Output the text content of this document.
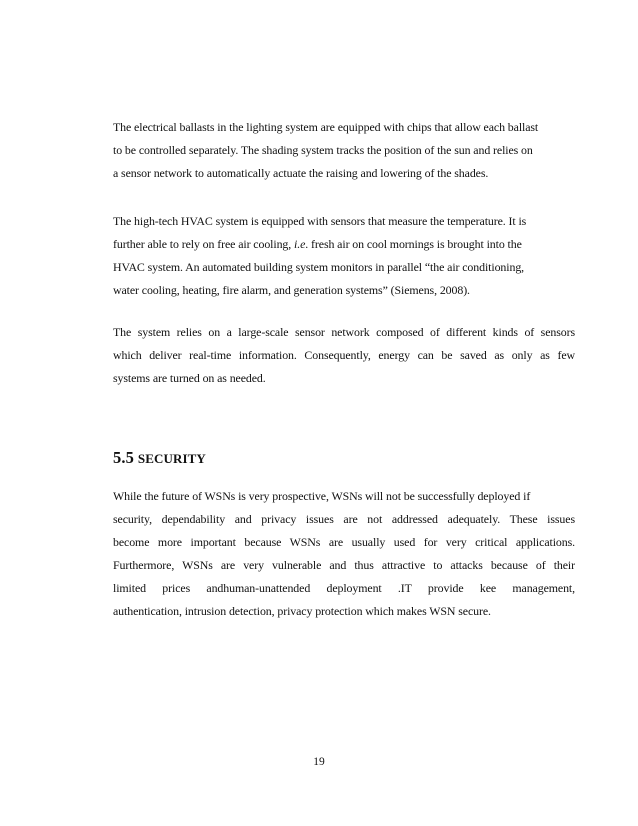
The electrical ballasts in the lighting system are equipped with chips that allow each ballast
to be controlled separately. The shading system tracks the position of the sun and relies on
a sensor network to automatically actuate the raising and lowering of the shades.

The high-tech HVAC system is equipped with sensors that measure the temperature. It is
further able to rely on free air cooling, i.e. fresh air on cool mornings is brought into the
HVAC system. An automated building system monitors in parallel “the air conditioning,
water cooling, heating, fire alarm, and generation systems” (Siemens, 2008).

The system relies on a large-scale sensor network composed of different kinds of sensors
which deliver real-time information. Consequently, energy can be saved as only as few
systems are turned on as needed.

5.5 SECURITY

While the future of WSNs is very prospective, WSNs will not be successfully deployed if
security, dependability and privacy issues are not addressed adequately. These issues
become more important because WSNs are usually used for very critical applications.
Furthermore, WSNs are very vulnerable and thus attractive to attacks because of their
limited prices andhuman-unattended deployment .IT provide kee management,
authentication, intrusion detection, privacy protection which makes WSN secure.

19
